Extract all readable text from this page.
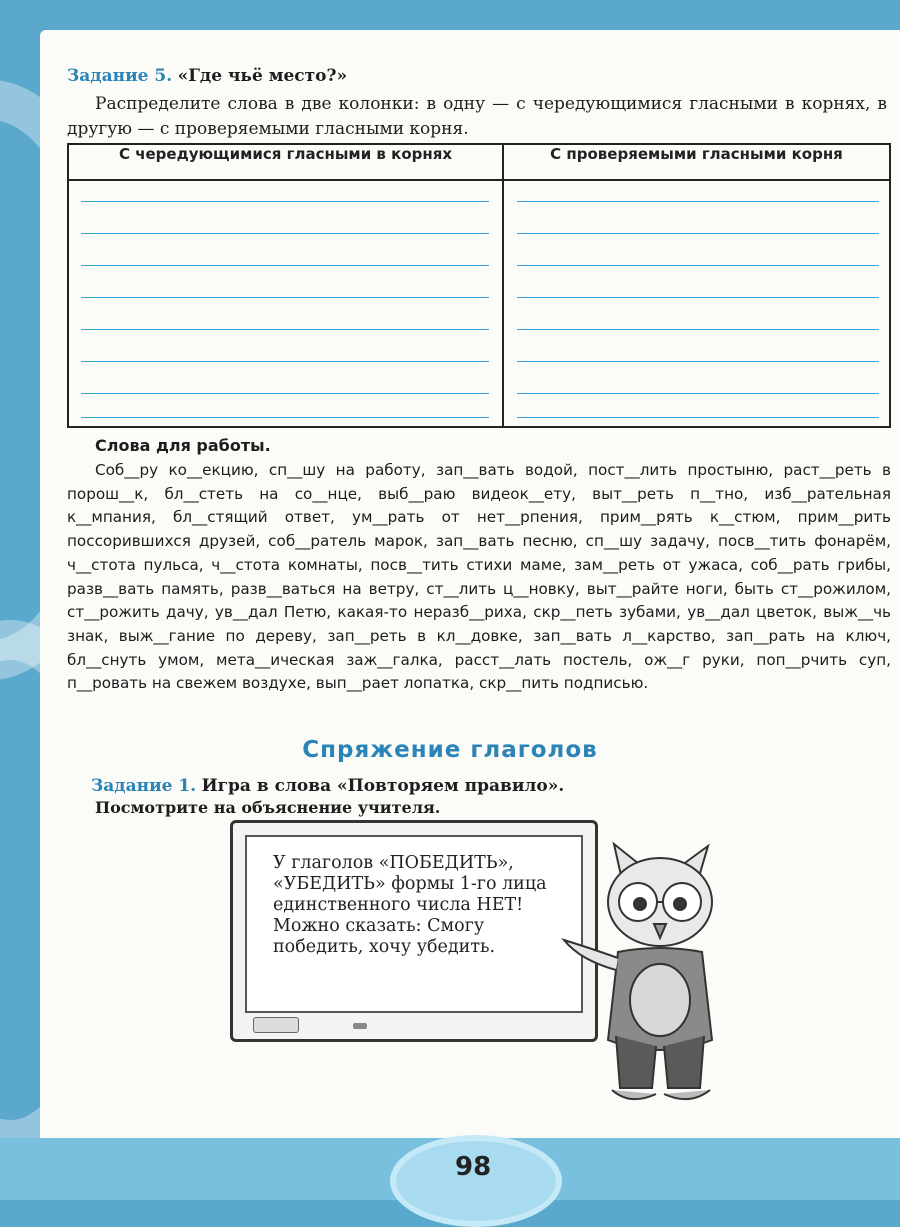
98
Задание 5. «Где чьё место?»
Распределите слова в две колонки: в одну — с чередующимися гласными в корнях, в другую — с проверяемыми гласными корня.
С чередующимися гласными в корнях	С проверяемыми гласными корня
Слова для работы.
Соб__ру ко__екцию, сп__шу на работу, зап__вать водой, пост__лить простыню, раст__реть в порош__к, бл__стеть на со__нце, выб__раю видеок__ету, выт__реть п__тно, изб__рательная к__мпания, бл__стящий ответ, ум__рать от нет__рпения, прим__рять к__стюм, прим__рить поссорившихся друзей, соб__ратель марок, зап__вать песню, сп__шу задачу, посв__тить фонарём, ч__стота пульса, ч__стота комнаты, посв__тить стихи маме, зам__реть от ужаса, соб__рать грибы, разв__вать память, разв__ваться на ветру, ст__лить ц__новку, выт__райте ноги, быть ст__рожилом, ст__рожить дачу, ув__дал Петю, какая-то неразб__риха, скр__петь зубами, ув__дал цветок, выж__чь знак, выж__гание по дереву, зап__реть в кл__довке, зап__вать л__карство, зап__рать на ключ, бл__снуть умом, мета__ическая заж__галка, расст__лать постель, ож__г руки, поп__рчить суп, п__ровать на свежем воздухе, вып__рает лопатка, скр__пить подписью.
Спряжение глаголов
Задание 1. Игра в слова «Повторяем правило».
Посмотрите на объяснение учителя.
У глаголов «ПОБЕДИТЬ», «УБЕДИТЬ» формы 1-го лица единственного числа НЕТ! Можно сказать: Смогу победить, хочу убедить.
